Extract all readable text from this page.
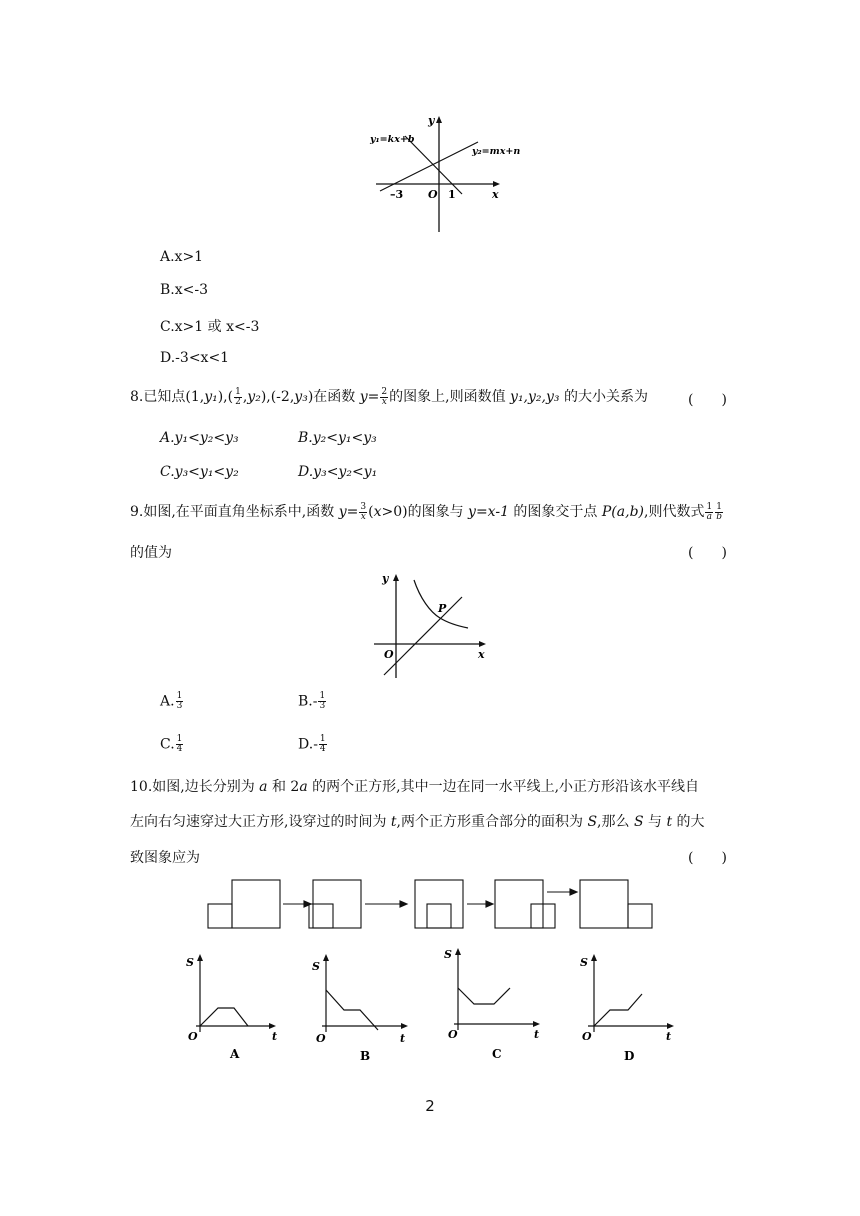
y
x
O
–3	1
y₁=kx+b
y₂=mx+n
A.x>1
B.x<-3
C.x>1 或 x<-3
D.-3<x<1
8.已知点$(1,y_1),( \frac{1}{2} ,y_2),(-2,y_3)$在函数 $y= \frac{2}{x}$ 的图象上,则函数值 y₁,y₂,y₃ 的大小关系为	(　　)
A.y₁<y₂<y₃	B.y₂<y₁<y₃
C.y₃<y₁<y₂	D.y₃<y₂<y₁
9.如图,在平面直角坐标系中,函数 $y= \frac{3}{x} (x>0)$的图象与 y=x-1 的图象交于点 P(a,b),则代数式 $\frac{1}{a} \frac{1}{b}$
的值为	(　　)
y
x
O
P
A. $\frac{1}{3}$	$B.- \frac{1}{3}$
C. $\frac{1}{4}$	$D.- \frac{1}{4}$
10.如图,边长分别为 a 和 2a 的两个正方形,其中一边在同一水平线上,小正方形沿该水平线自
左向右匀速穿过大正方形,设穿过的时间为 t,两个正方形重合部分的面积为 S,那么 S 与 t 的大
致图象应为	(　　)
S
O	t
A
S
O	t
B
S
O	t
C
S
O	t
D
2
